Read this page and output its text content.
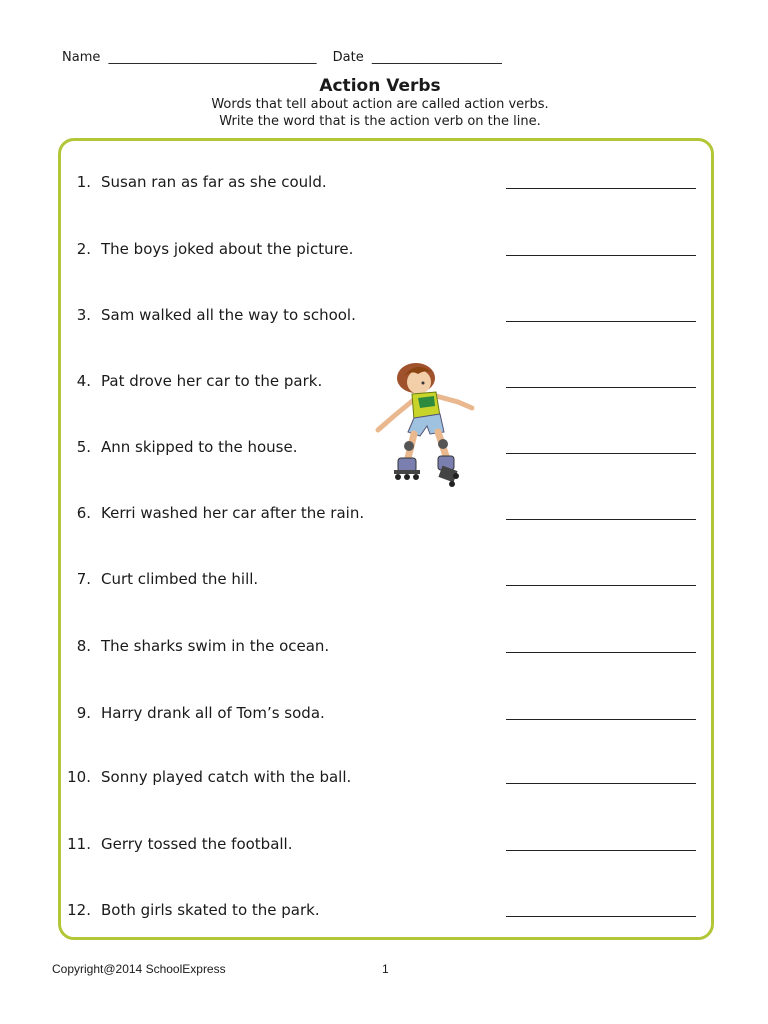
Name ________________________________ Date ____________________
Action Verbs
Words that tell about action are called action verbs.
Write the word that is the action verb on the line.
1. Susan ran as far as she could.
2. The boys joked about the picture.
3. Sam walked all the way to school.
4. Pat drove her car to the park.
5. Ann skipped to the house.
6. Kerri washed her car after the rain.
7. Curt climbed the hill.
8. The sharks swim in the ocean.
9. Harry drank all of Tom’s soda.
10. Sonny played catch with the ball.
11. Gerry tossed the football.
12. Both girls skated to the park.
Copyright@2014 SchoolExpress	1
